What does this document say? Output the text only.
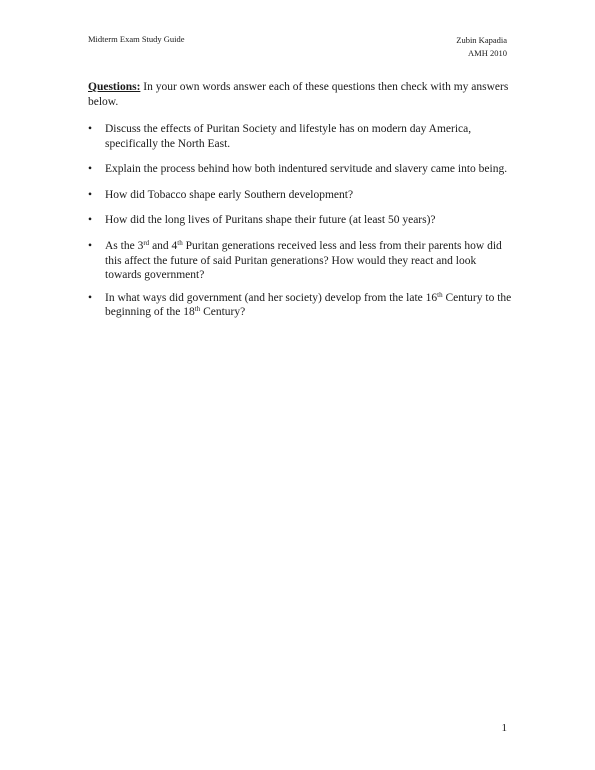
Midterm Exam Study Guide	Zubin Kapadia
AMH 2010
Questions: In your own words answer each of these questions then check with my answers below.
• Discuss the effects of Puritan Society and lifestyle has on modern day America, specifically the North East.
• Explain the process behind how both indentured servitude and slavery came into being.
• How did Tobacco shape early Southern development?
• How did the long lives of Puritans shape their future (at least 50 years)?
• As the 3rd and 4th Puritan generations received less and less from their parents how did this affect the future of said Puritan generations? How would they react and look towards government?
• In what ways did government (and her society) develop from the late 16th Century to the beginning of the 18th Century?
1
